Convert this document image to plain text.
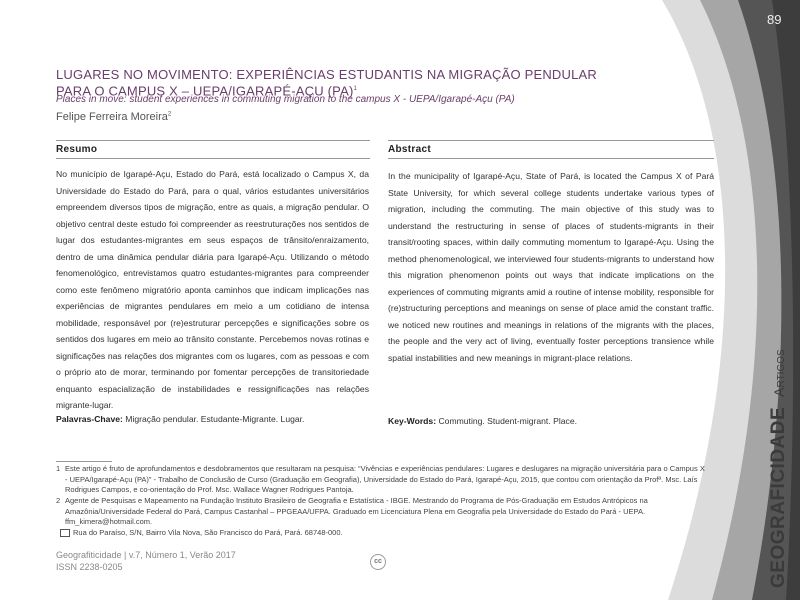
89
LUGARES NO MOVIMENTO: EXPERIÊNCIAS ESTUDANTIS NA MIGRAÇÃO PENDULAR PARA O CAMPUS X – UEPA/IGARAPÉ-AÇU (PA)$^1$
Places in move: student experiences in commuting migration to the campus X - UEPA/Igarapé-Açu (PA)
Felipe Ferreira Moreira$^2$
Resumo
No município de Igarapé-Açu, Estado do Pará, está localizado o Campus X, da Universidade do Estado do Pará, para o qual, vários estudantes universitários empreendem diversos tipos de migração, entre as quais, a migração pendular. O objetivo central deste estudo foi compreender as reestruturações nos sentidos de lugar dos estudantes-migrantes em seus espaços de trânsito/enraizamento, dentro de uma dinâmica pendular diária para Igarapé-Açu. Utilizando o método fenomenológico, entrevistamos quatro estudantes-migrantes para compreender como este fenômeno migratório aponta caminhos que indicam implicações nas experiências de migrantes pendulares em meio a um cotidiano de intensa mobilidade, responsável por (re)estruturar percepções e significações sobre os sentidos dos lugares em meio ao trânsito constante. Percebemos novas rotinas e significações nas relações dos migrantes com os lugares, com as pessoas e com o próprio ato de morar, terminando por fomentar percepções de transitoriedade enquanto espacialização de instabilidades e ressignificações nas relações migrante-lugar.
Palavras-Chave: Migração pendular. Estudante-Migrante. Lugar.
Abstract
In the municipality of Igarapé-Açu, State of Pará, is located the Campus X of Pará State University, for which several college students undertake various types of migration, including the commuting. The main objective of this study was to understand the restructuring in sense of places of students-migrants in their transit/rooting spaces, within daily commuting momentum to Igarapé-Açu. Using the method phenomenological, we interviewed four students-migrants to understand how this migration phenomenon points out ways that indicate implications on the experiences of commuting migrants amid a routine of intense mobility, responsible for (re)structuring perceptions and meanings on sense of place amid the constant traffic. we noticed new routines and meanings in relations of the migrants with the places, the people and the very act of living, eventually foster perceptions transience while spatial instabilities and new meanings in migrant-place relations.
Key-Words: Commuting. Student-migrant. Place.
1 Este artigo é fruto de aprofundamentos e desdobramentos que resultaram na pesquisa: “Vivências e experiências pendulares: Lugares e deslugares na migração universitária para o Campus X - UEPA/Igarapé-Açu (PA)” - Trabalho de Conclusão de Curso (Graduação em Geografia), Universidade do Estado do Pará, Igarapé-Açu, 2015, que contou com orientação da Profª. Msc. Laís Rodrigues Campos, e co-orientação do Prof. Msc. Wallace Wagner Rodrigues Pantoja.
2 Agente de Pesquisas e Mapeamento na Fundação Instituto Brasileiro de Geografia e Estatística - IBGE. Mestrando do Programa de Pós-Graduação em Estudos Antrópicos na Amazônia/Universidade Federal do Pará, Campus Castanhal – PPGEAA/UFPA. Graduado em Licenciatura Plena em Geografia pela Universidade do Estado do Pará - UEPA. ffm_kimera@hotmail.com.
Rua do Paraíso, S/N, Bairro Vila Nova, São Francisco do Pará, Pará. 68748-000.
Geografiticidade | v.7, Número 1, Verão 2017
ISSN 2238-0205
cc	GEOGRAFICIDADEArtigos
